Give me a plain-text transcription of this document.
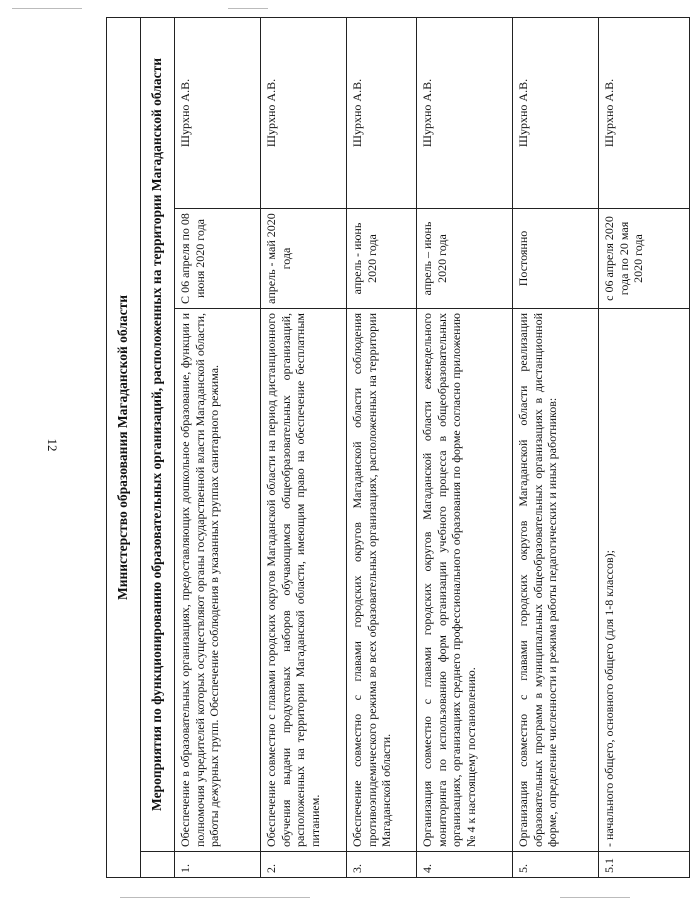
12	Министерство образования Магаданской области			
	Мероприятия по функционированию образовательных организаций, расположенных на территории Магаданской области		
1.	Обеспечение в образовательных организациях, предоставляющих дошкольное образование, функции и полномочия учредителей которых осуществляют органы государственной власти Магаданской области, работы дежурных групп. Обеспечение соблюдения в указанных группах санитарного режима.	С 06 апреля по 08 июня 2020 года	Шурхно А.В.
2.	Обеспечение совместно с главами городских округов Магаданской области на период дистанционного обучения выдачи продуктовых наборов обучающимся общеобразовательных организаций, расположенных на территории Магаданской области, имеющим право на обеспечение бесплатным питанием.	апрель - май 2020 года	Шурхно А.В.
3.	Обеспечение совместно с главами городских округов Магаданской области соблюдения противоэпидемического режима во всех образовательных организациях, расположенных на территории Магаданской области.	апрель - июнь 2020 года	Шурхно А.В.
4.	Организация совместно с главами городских округов Магаданской области еженедельного мониторинга по использованию форм организации учебного процесса в общеобразовательных организациях, организациях среднего профессионального образования по форме согласно приложению № 4 к настоящему постановлению.	апрель – июнь 2020 года	Шурхно А.В.
5.	Организация совместно с главами городских округов Магаданской области реализации образовательных программ в муниципальных общеобразовательных организациях в дистанционной форме, определение численности и режима работы педагогических и иных работников:	Постоянно	Шурхно А.В.
5.1	- начального общего, основного общего (для 1-8 классов);	с 06 апреля 2020 года по 20 мая 2020 года	Шурхно А.В.
